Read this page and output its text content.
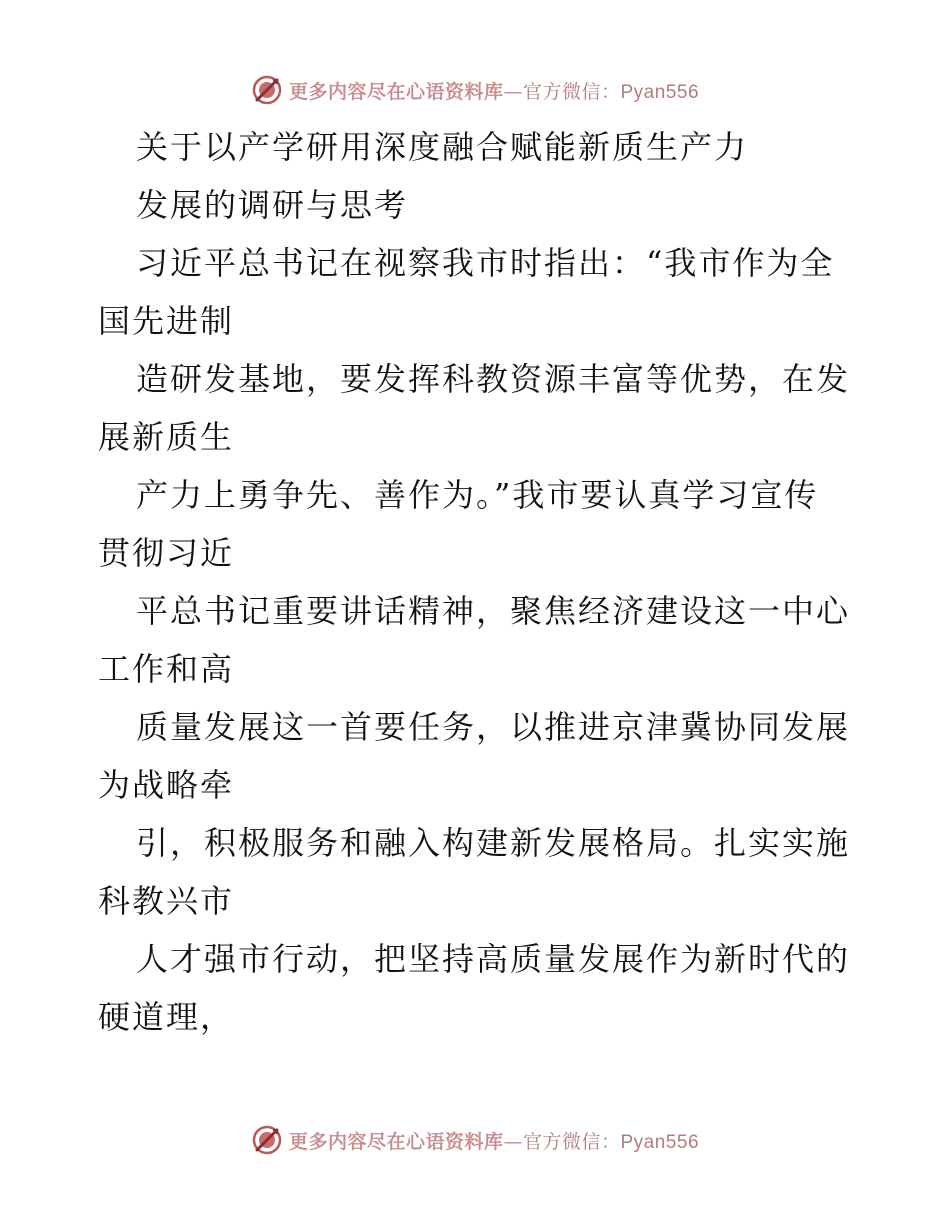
更多内容尽在心语资料库—官方微信：Pyan556
关于以产学研用深度融合赋能新质生产力
发展的调研与思考
习近平总书记在视察我市时指出：“我市作为全
国先进制
造研发基地，要发挥科教资源丰富等优势，在发
展新质生
产力上勇争先、善作为。”我市要认真学习宣传
贯彻习近
平总书记重要讲话精神，聚焦经济建设这一中心
工作和高
质量发展这一首要任务，以推进京津冀协同发展
为战略牵
引，积极服务和融入构建新发展格局。扎实实施
科教兴市
人才强市行动，把坚持高质量发展作为新时代的
硬道理，
更多内容尽在心语资料库—官方微信：Pyan556
